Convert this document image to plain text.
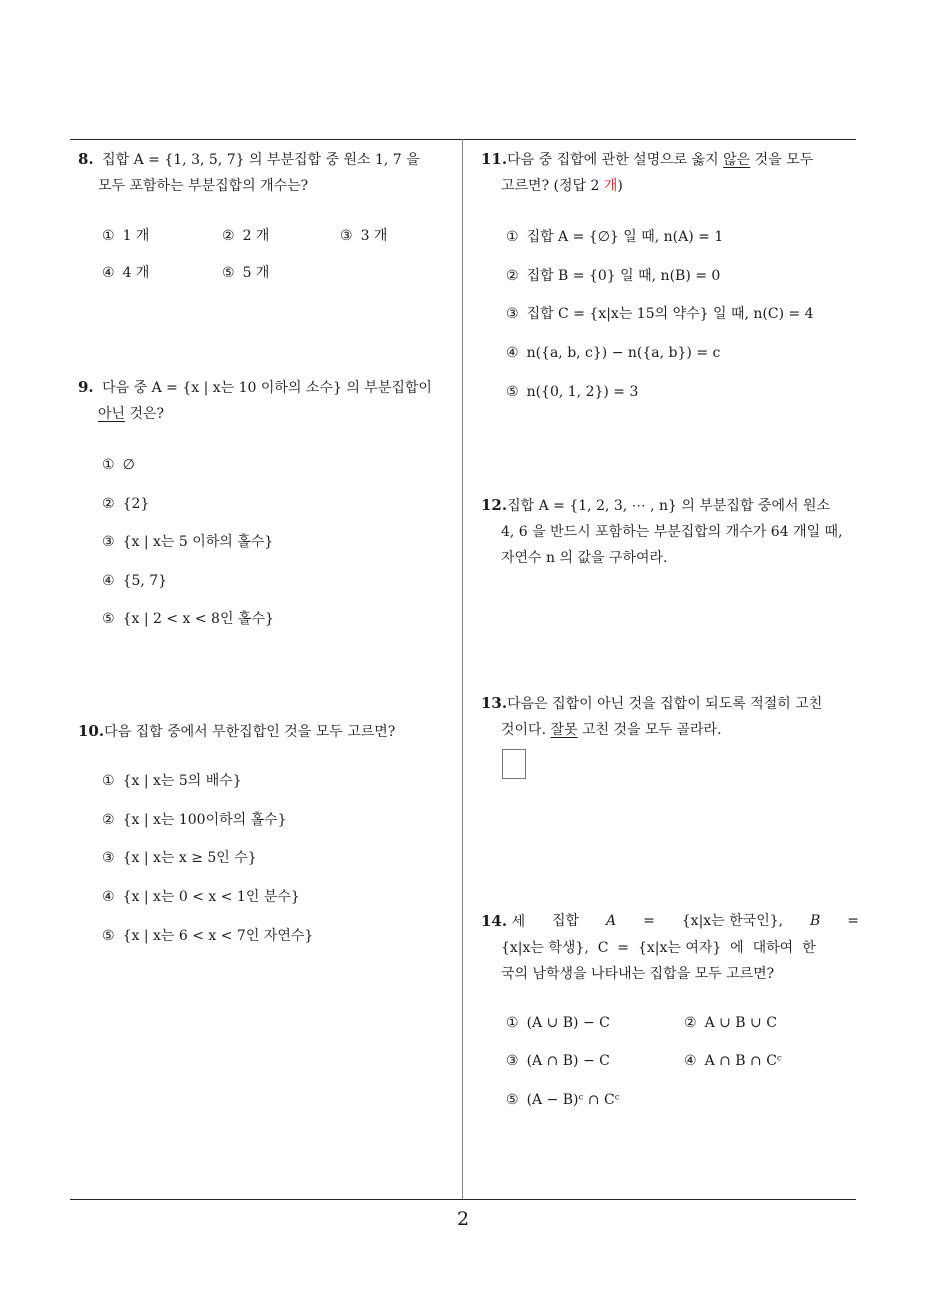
8. 집합 A = {1, 3, 5, 7} 의 부분집합 중 원소 1, 7 을
모두 포함하는 부분집합의 개수는?
① 1 개	② 2 개	③ 3 개
④ 4 개	⑤ 5 개
9. 다음 중 A = {x | x는 10 이하의 소수} 의 부분집합이
아닌 것은?
① ∅
② {2}
③ {x | x는 5 이하의 홀수}
④ {5, 7}
⑤ {x | 2 < x < 8인 홀수}
10.다음 집합 중에서 무한집합인 것을 모두 고르면?
① {x | x는 5의 배수}
② {x | x는 100이하의 홀수}
③ {x | x는 x ≥ 5인 수}
④ {x | x는 0 < x < 1인 분수}
⑤ {x | x는 6 < x < 7인 자연수}
11.다음 중 집합에 관한 설명으로 옳지 않은 것을 모두
고르면? (정답 2 개)
① 집합 A = {∅} 일 때, n(A) = 1
② 집합 B = {0} 일 때, n(B) = 0
③ 집합 C = {x|x는 15의 약수} 일 때, n(C) = 4
④ n({a, b, c}) − n({a, b}) = c
⑤ n({0, 1, 2}) = 3
12.집합 A = {1, 2, 3, ⋯ , n} 의 부분집합 중에서 원소
4, 6 을 반드시 포함하는 부분집합의 개수가 64 개일 때,
자연수 n 의 값을 구하여라.
13.다음은 집합이 아닌 것을 집합이 되도록 적절히 고친
것이다. 잘못 고친 것을 모두 골라라.
14. 세 집합 A = {x|x는 한국인}, B =
{x|x는 학생},  C  =  {x|x는 여자}  에  대하여  한
국의 남학생을 나타내는 집합을 모두 고르면?
① (A ∪ B) − C	② A ∪ B ∪ C
③ (A ∩ B) − C	④ A ∩ B ∩ Cᶜ
⑤ (A − B)ᶜ ∩ Cᶜ
2
